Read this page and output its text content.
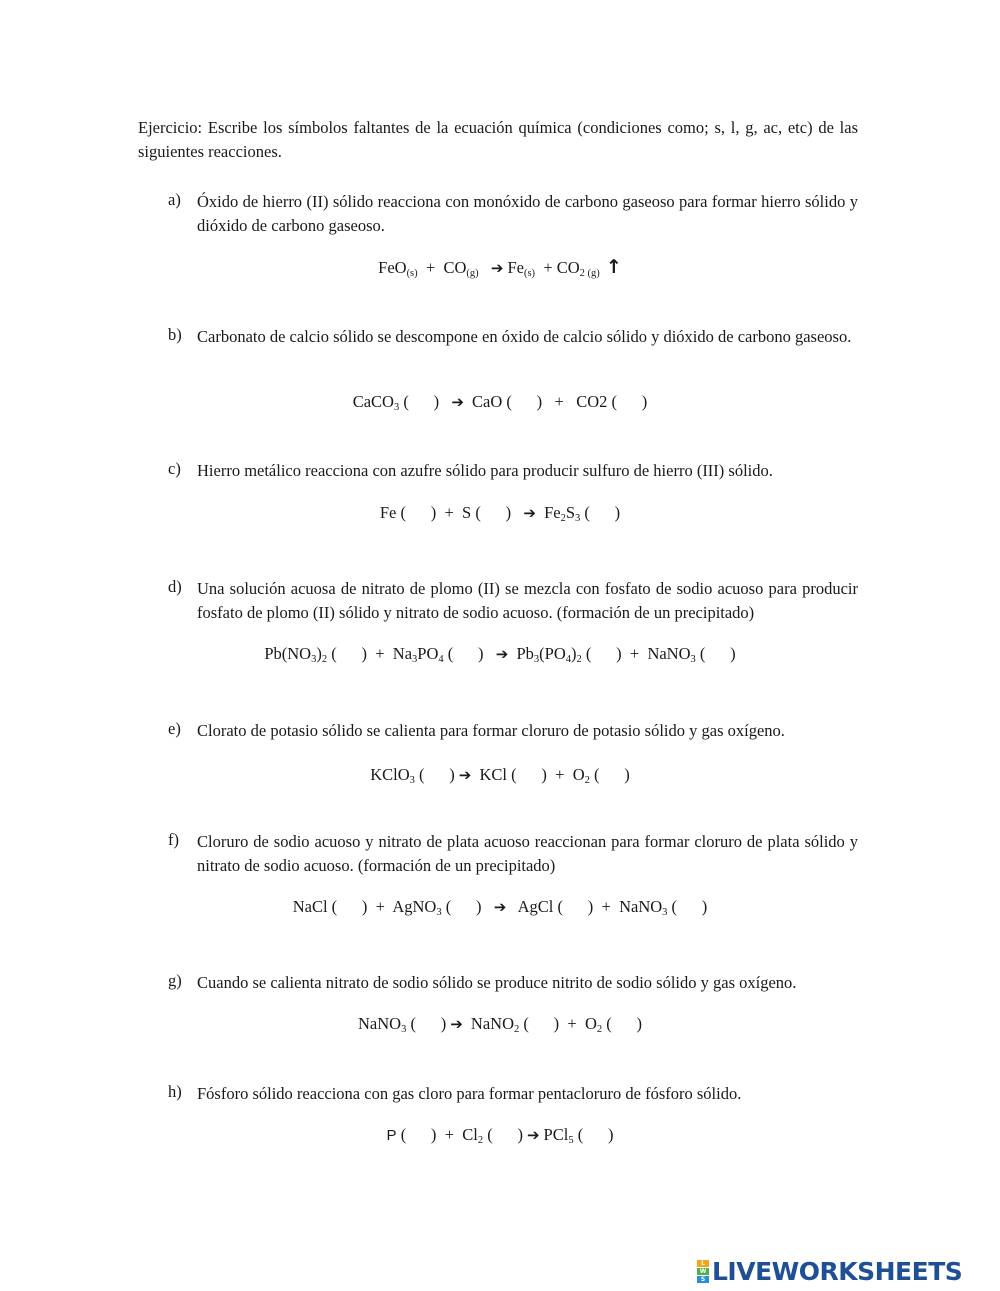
Ejercicio: Escribe los símbolos faltantes de la ecuación química (condiciones como; s, l, g, ac, etc) de las siguientes reacciones.

a) Óxido de hierro (II) sólido reacciona con monóxido de carbono gaseoso para formar hierro sólido y dióxido de carbono gaseoso.

$FeO_{(s)} + CO_{(g)}$ ➔ $Fe_{(s)} + CO_{2 (g)}$ ↑
b) Carbonato de calcio sólido se descompone en óxido de calcio sólido y dióxido de carbono gaseoso.

CaCO$_3$ (      ) ➔ CaO (      ) + CO2 (      )
c) Hierro metálico reacciona con azufre sólido para producir sulfuro de hierro (III) sólido.

Fe (      ) + S (      ) ➔ $Fe_2S_3$ (      )
d) Una solución acuosa de nitrato de plomo (II) se mezcla con fosfato de sodio acuoso para producir fosfato de plomo (II) sólido y nitrato de sodio acuoso. (formación de un precipitado)

$Pb(NO_3)_2$ (      ) + $Na_3PO_4$ (      ) ➔ $Pb_3(PO_4)_2$ (      ) + NaNO$_3$ (      )
e) Clorato de potasio sólido se calienta para formar cloruro de potasio sólido y gas oxígeno.

KClO$_3$ (      ) ➔ KCl (      ) + $O_2$ (      )
f)	Cloruro de sodio acuoso y nitrato de plata acuoso reaccionan para formar cloruro de plata sólido y nitrato de sodio acuoso. (formación de un precipitado)

NaCl (      ) + AgNO$_3$ (      ) ➔ AgCl (      ) + NaNO$_3$ (      )
g) Cuando se calienta nitrato de sodio sólido se produce nitrito de sodio sólido y gas oxígeno.

NaNO$_3$ (      ) ➔ NaNO$_2$ (      ) + $O_2$ (      )
h) Fósforo sólido reacciona con gas cloro para formar pentacloruro de fósforo sólido.

P (      ) + $Cl_2$ (      ) ➔ PCl$_5$ (      )
L
W
S LIVEWORKSHEETS
